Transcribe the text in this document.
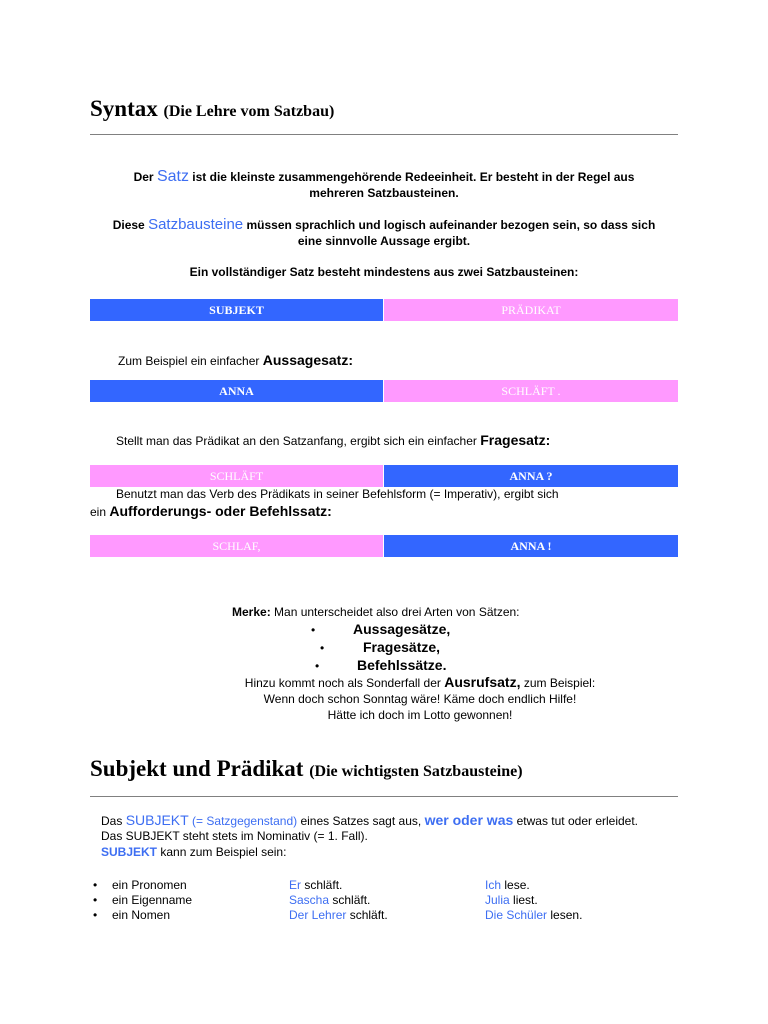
Syntax (Die Lehre vom Satzbau)
Der Satz ist die kleinste zusammengehörende Redeeinheit. Er besteht in der Regel aus
mehreren Satzbausteinen.
Diese Satzbausteine müssen sprachlich und logisch aufeinander bezogen sein, so dass sich
eine sinnvolle Aussage ergibt.
Ein vollständiger Satz besteht mindestens aus zwei Satzbausteinen:
SUBJEKT	PRÄDIKAT
Zum Beispiel ein einfacher Aussagesatz:
ANNA	SCHLÄFT .
Stellt man das Prädikat an den Satzanfang, ergibt sich ein einfacher Fragesatz:
SCHLÄFT	ANNA ?
Benutzt man das Verb des Prädikats in seiner Befehlsform (= Imperativ), ergibt sich
ein Aufforderungs- oder Befehlssatz:
SCHLAF,	ANNA !
Merke: Man unterscheidet also drei Arten von Sätzen:
•	Aussagesätze,
•	Fragesätze,
•	Befehlssätze.
Hinzu kommt noch als Sonderfall der Ausrufsatz, zum Beispiel:
Wenn doch schon Sonntag wäre! Käme doch endlich Hilfe!
Hätte ich doch im Lotto gewonnen!
Subjekt und Prädikat (Die wichtigsten Satzbausteine)
Das SUBJEKT (= Satzgegenstand) eines Satzes sagt aus, wer oder was etwas tut oder erleidet.
Das SUBJEKT steht stets im Nominativ (= 1. Fall).
SUBJEKT kann zum Beispiel sein:
• ein Pronomen	Er schläft.	Ich lese.
• ein Eigenname	Sascha schläft.	Julia liest.
• ein Nomen	Der Lehrer schläft.	Die Schüler lesen.
